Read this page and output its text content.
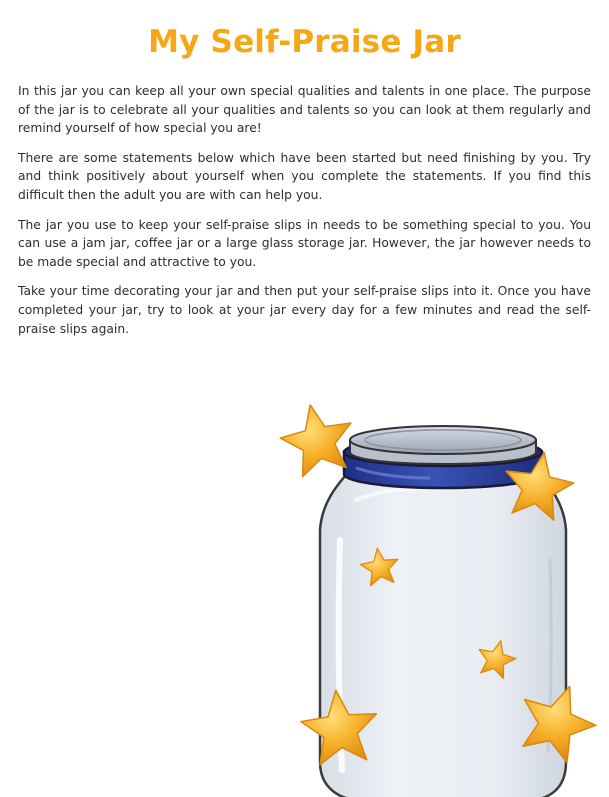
My Self-Praise Jar

In this jar you can keep all your own special qualities and talents in one place. The purpose of the jar is to celebrate all your qualities and talents so you can look at them regularly and remind yourself of how special you are!

There are some statements below which have been started but need finishing by you. Try and think positively about yourself when you complete the statements. If you find this difficult then the adult you are with can help you.

The jar you use to keep your self-praise slips in needs to be something special to you. You can use a jam jar, coffee jar or a large glass storage jar. However, the jar however needs to be made special and attractive to you.

Take your time decorating your jar and then put your self-praise slips into it. Once you have completed your jar, try to look at your jar every day for a few minutes and read the self-praise slips again.
